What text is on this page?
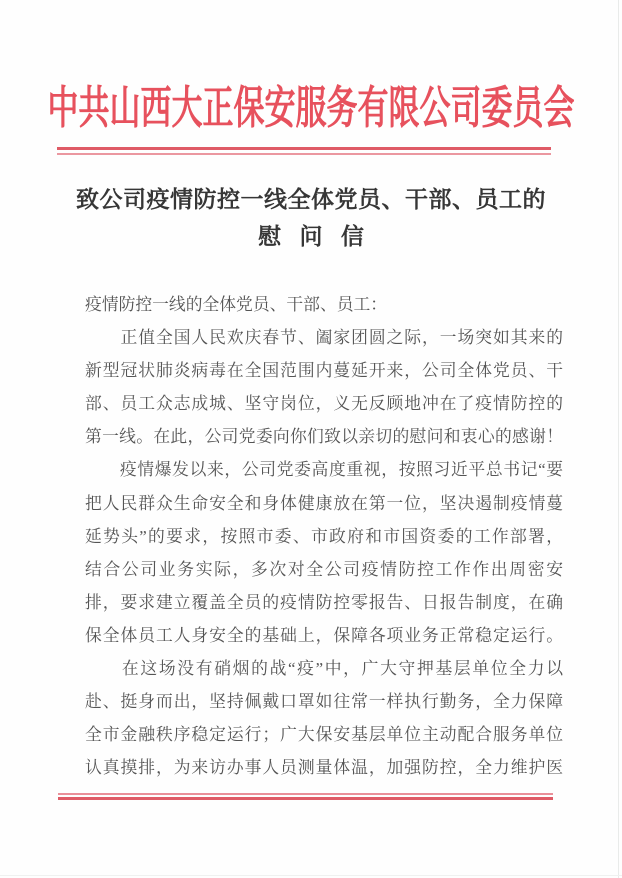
中共山西大正保安服务有限公司委员会
致公司疫情防控一线全体党员、干部、员工的
慰问信
疫情防控一线的全体党员、干部、员工：
　　正值全国人民欢庆春节、阖家团圆之际，一场突如其来的
新型冠状肺炎病毒在全国范围内蔓延开来，公司全体党员、干
部、员工众志成城、坚守岗位，义无反顾地冲在了疫情防控的
第一线。在此，公司党委向你们致以亲切的慰问和衷心的感谢！
　　疫情爆发以来，公司党委高度重视，按照习近平总书记“要
把人民群众生命安全和身体健康放在第一位，坚决遏制疫情蔓
延势头”的要求，按照市委、市政府和市国资委的工作部署，
结合公司业务实际，多次对全公司疫情防控工作作出周密安
排，要求建立覆盖全员的疫情防控零报告、日报告制度，在确
保全体员工人身安全的基础上，保障各项业务正常稳定运行。
　　在这场没有硝烟的战“疫”中，广大守押基层单位全力以
赴、挺身而出，坚持佩戴口罩如往常一样执行勤务，全力保障
全市金融秩序稳定运行；广大保安基层单位主动配合服务单位
认真摸排，为来访办事人员测量体温，加强防控，全力维护医
